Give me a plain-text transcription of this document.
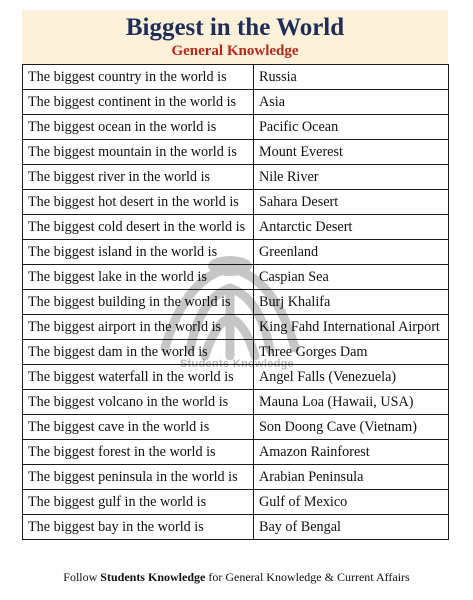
Biggest in the World
General Knowledge
The biggest country in the world is	Russia
The biggest continent in the world is	Asia
The biggest ocean in the world is	Pacific Ocean
The biggest mountain in the world is	Mount Everest
The biggest river in the world is	Nile River
The biggest hot desert in the world is	Sahara Desert
The biggest cold desert in the world is	Antarctic Desert
The biggest island in the world is	Greenland
The biggest lake in the world is	Caspian Sea
The biggest building in the world is	Burj Khalifa
The biggest airport in the world is	King Fahd International Airport
The biggest dam in the world is	Three Gorges Dam
The biggest waterfall in the world is	Angel Falls (Venezuela)
The biggest volcano in the world is	Mauna Loa (Hawaii, USA)
The biggest cave in the world is	Son Doong Cave (Vietnam)
The biggest forest in the world is	Amazon Rainforest
The biggest peninsula in the world is	Arabian Peninsula
The biggest gulf in the world is	Gulf of Mexico
The biggest bay in the world is	Bay of Bengal
Students Knowledge
Follow Students Knowledge for General Knowledge & Current Affairs
